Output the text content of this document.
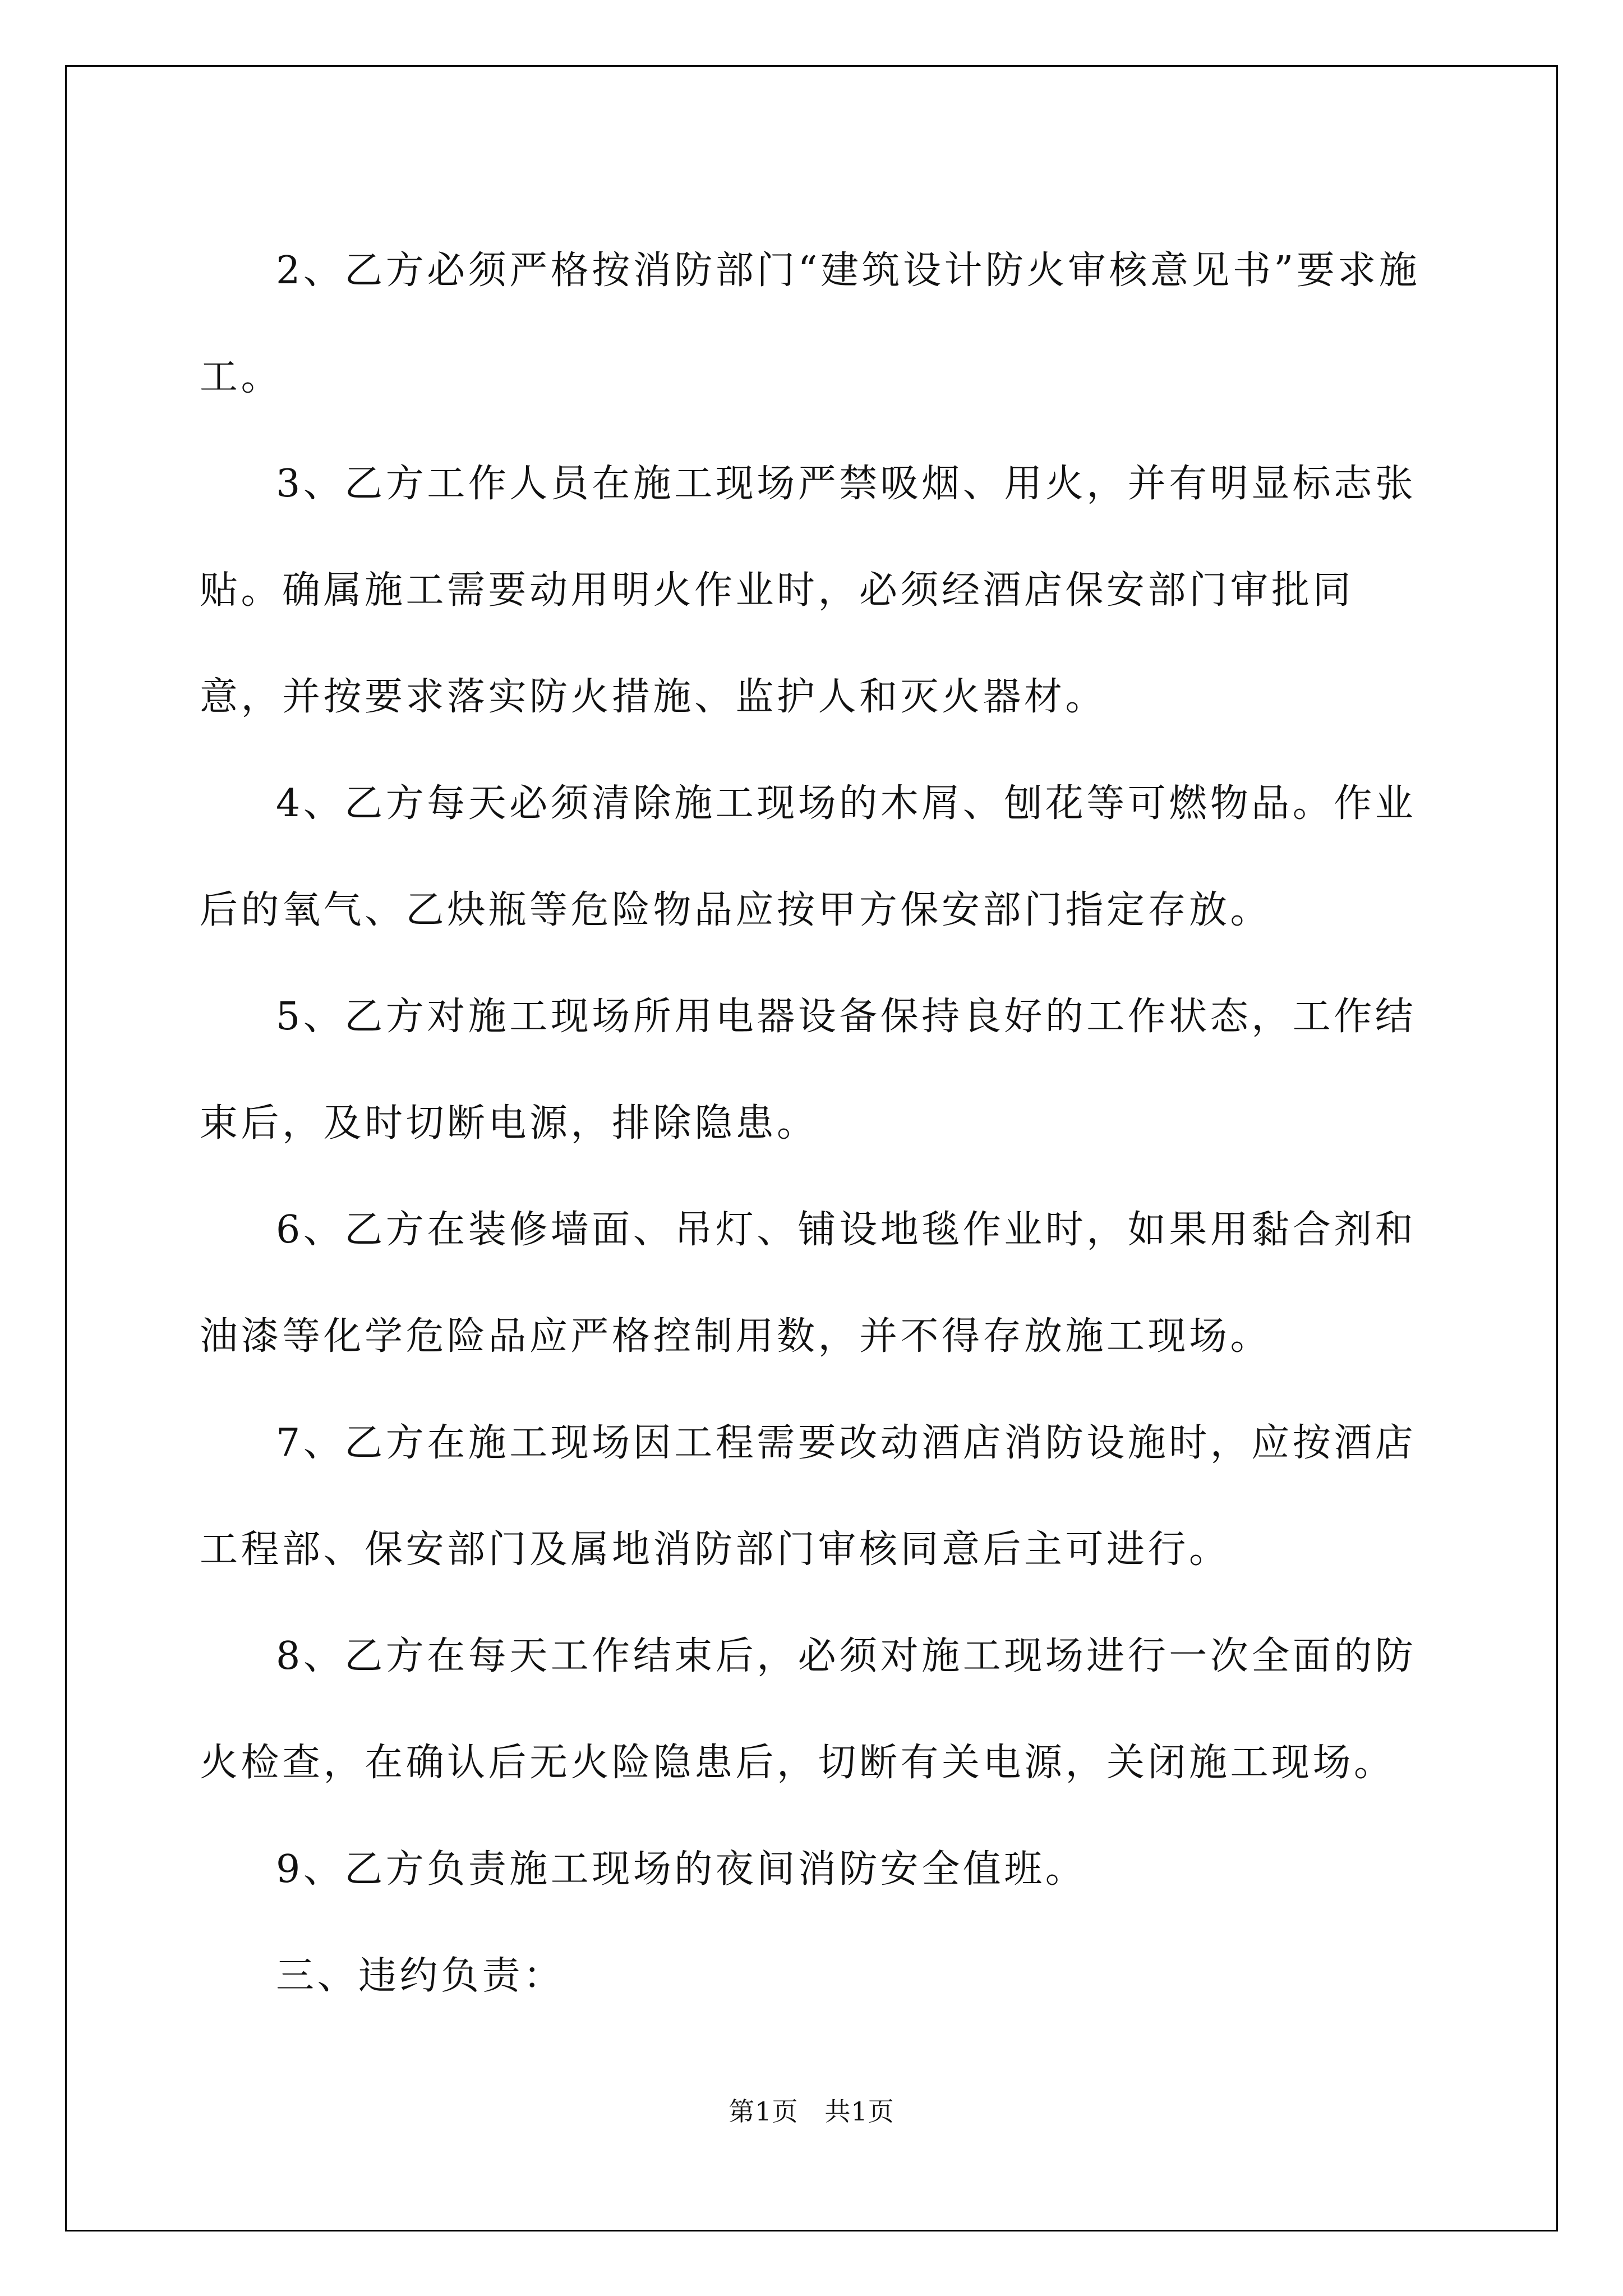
2、乙方必须严格按消防部门“建筑设计防火审核意见书”要求施工。

3、乙方工作人员在施工现场严禁吸烟、用火，并有明显标志张贴。确属施工需要动用明火作业时，必须经酒店保安部门审批同意，并按要求落实防火措施、监护人和灭火器材。

4、乙方每天必须清除施工现场的木屑、刨花等可燃物品。作业后的氧气、乙炔瓶等危险物品应按甲方保安部门指定存放。

5、乙方对施工现场所用电器设备保持良好的工作状态，工作结束后，及时切断电源，排除隐患。

6、乙方在装修墙面、吊灯、铺设地毯作业时，如果用黏合剂和油漆等化学危险品应严格控制用数，并不得存放施工现场。

7、乙方在施工现场因工程需要改动酒店消防设施时，应按酒店工程部、保安部门及属地消防部门审核同意后主可进行。

8、乙方在每天工作结束后，必须对施工现场进行一次全面的防火检查，在确认后无火险隐患后，切断有关电源，关闭施工现场。

9、乙方负责施工现场的夜间消防安全值班。

三、违约负责：

第1页   共1页
